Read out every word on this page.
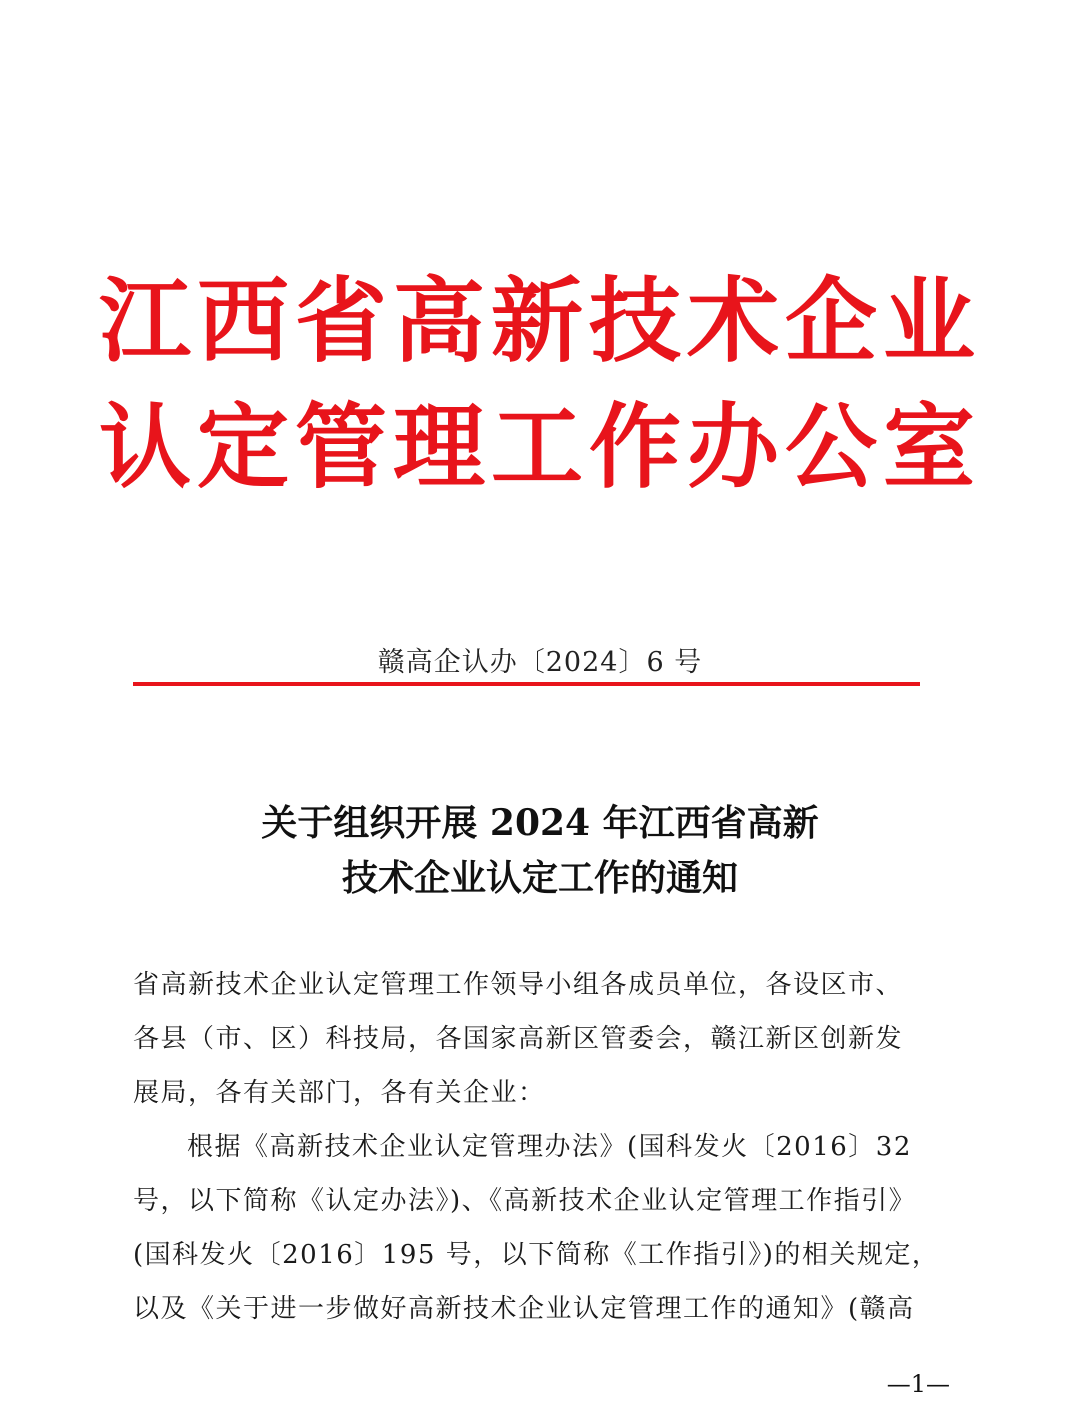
江西省高新技术企业
认定管理工作办公室
赣高企认办〔2024〕6 号
关于组织开展 2024 年江西省高新
技术企业认定工作的通知
省高新技术企业认定管理工作领导小组各成员单位，各设区市、
各县（市、区）科技局，各国家高新区管委会，赣江新区创新发
展局，各有关部门，各有关企业：
根据《高新技术企业认定管理办法》(国科发火〔2016〕32
号，以下简称《认定办法》)、《高新技术企业认定管理工作指引》
(国科发火〔2016〕195 号，以下简称《工作指引》)的相关规定，
以及《关于进一步做好高新技术企业认定管理工作的通知》(赣高
—1—
